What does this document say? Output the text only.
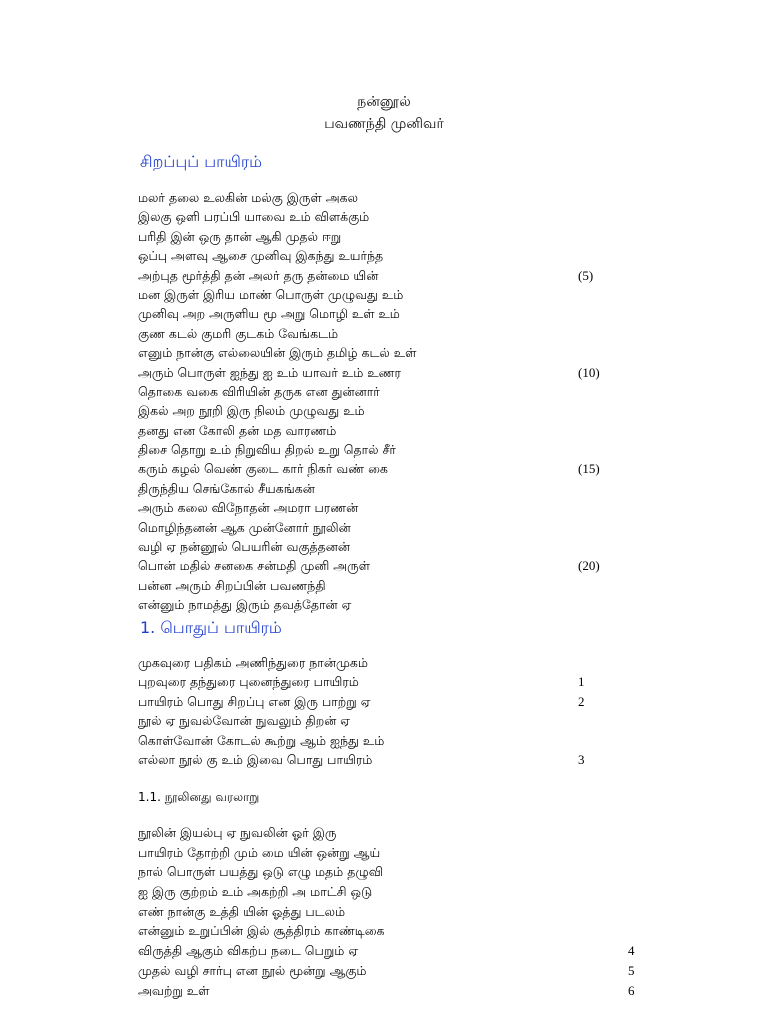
நன்னூல்
பவணந்தி முனிவர்
சிறப்புப் பாயிரம்
மலர் தலை உலகின் மல்கு இருள் அகல
இலகு ஒளி பரப்பி யாவை உம் விளக்கும்
பரிதி இன் ஒரு தான் ஆகி முதல் ஈறு
ஒப்பு அளவு ஆசை முனிவு இகந்து உயர்ந்த
அற்புத மூர்த்தி தன் அலர் தரு தன்மை யின்	(5)
மன இருள் இரிய மாண் பொருள் முழுவது உம்
முனிவு அற அருளிய மூ அறு மொழி உள் உம்
குண கடல் குமரி குடகம் வேங்கடம்
எனும் நான்கு எல்லையின் இரும் தமிழ் கடல் உள்
அரும் பொருள் ஐந்து ஐ உம் யாவர் உம் உணர	(10)
தொகை வகை விரியின் தருக என துன்னார்
இகல் அற நூறி இரு நிலம் முழுவது உம்
தனது என கோலி தன் மத வாரணம்
திசை தொறு உம் நிறுவிய திறல் உறு தொல் சீர்
கரும் கழல் வெண் குடை கார் நிகர் வண் கை	(15)
திருந்திய செங்கோல் சீயகங்கன்
அரும் கலை விநோதன் அமரா பரணன்
மொழிந்தனன் ஆக முன்னோர் நூலின்
வழி ஏ நன்னூல் பெயரின் வகுத்தனன்
பொன் மதில் சனகை சன்மதி முனி அருள்	(20)
பன்ன அரும் சிறப்பின் பவணந்தி
என்னும் நாமத்து இரும் தவத்தோன் ஏ
1. பொதுப் பாயிரம்
முகவுரை பதிகம் அணிந்துரை நான்முகம்
புறவுரை தந்துரை புனைந்துரை பாயிரம்	1
பாயிரம் பொது சிறப்பு என இரு பாற்று ஏ	2
நூல் ஏ நுவல்வோன் நுவலும் திறன் ஏ
கொள்வோன் கோடல் கூற்று ஆம் ஐந்து உம்
எல்லா நூல் கு உம் இவை பொது பாயிரம்	3
1.1. நூலினது வரலாறு
நூலின் இயல்பு ஏ நுவலின் ஓர் இரு
பாயிரம் தோற்றி மும் மை யின் ஒன்று ஆய்
நால் பொருள் பயத்து ஒடு எழு மதம் தழுவி
ஐ இரு குற்றம் உம் அகற்றி அ மாட்சி ஒடு
எண் நான்கு உத்தி யின் ஓத்து படலம்
என்னும் உறுப்பின் இல் சூத்திரம் காண்டிகை
விருத்தி ஆகும் விகற்ப நடை பெறும் ஏ	4
முதல் வழி சார்பு என நூல் மூன்று ஆகும்	5
அவற்று உள்	6
